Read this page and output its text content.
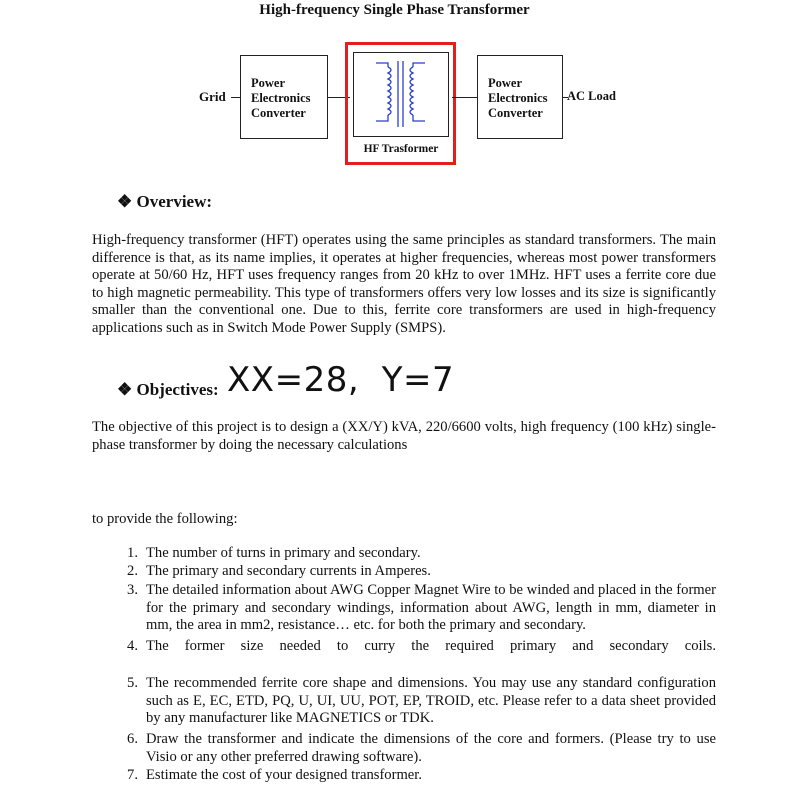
High-frequency Single Phase Transformer
Grid
Power
Electronics
Converter
HF Trasformer
Power
Electronics
Converter
AC Load
❖ Overview:
High-frequency transformer (HFT) operates using the same principles as standard transformers. The main difference is that, as its name implies, it operates at higher frequencies, whereas most power transformers operate at 50/60 Hz, HFT uses frequency ranges from 20 kHz to over 1MHz. HFT uses a ferrite core due to high magnetic permeability. This type of transformers offers very low losses and its size is significantly smaller than the conventional one. Due to this, ferrite core transformers are used in high-frequency applications such as in Switch Mode Power Supply (SMPS).
❖ Objectives: XX=28,  Y=7
The objective of this project is to design a (XX/Y) kVA, 220/6600 volts, high frequency (100 kHz) single-phase transformer by doing the necessary calculations
to provide the following:
1. The number of turns in primary and secondary.
2. The primary and secondary currents in Amperes.
3. The detailed information about AWG Copper Magnet Wire to be winded and placed in the former for the primary and secondary windings, information about AWG, length in mm, diameter in mm, the area in mm2, resistance… etc. for both the primary and secondary.
4. The former size needed to curry the required primary and secondary coils.
5. The recommended ferrite core shape and dimensions. You may use any standard configuration such as E, EC, ETD, PQ, U, UI, UU, POT, EP, TROID, etc. Please refer to a data sheet provided by any manufacturer like MAGNETICS or TDK.
6. Draw the transformer and indicate the dimensions of the core and formers. (Please try to use Visio or any other preferred drawing software).
7. Estimate the cost of your designed transformer.
